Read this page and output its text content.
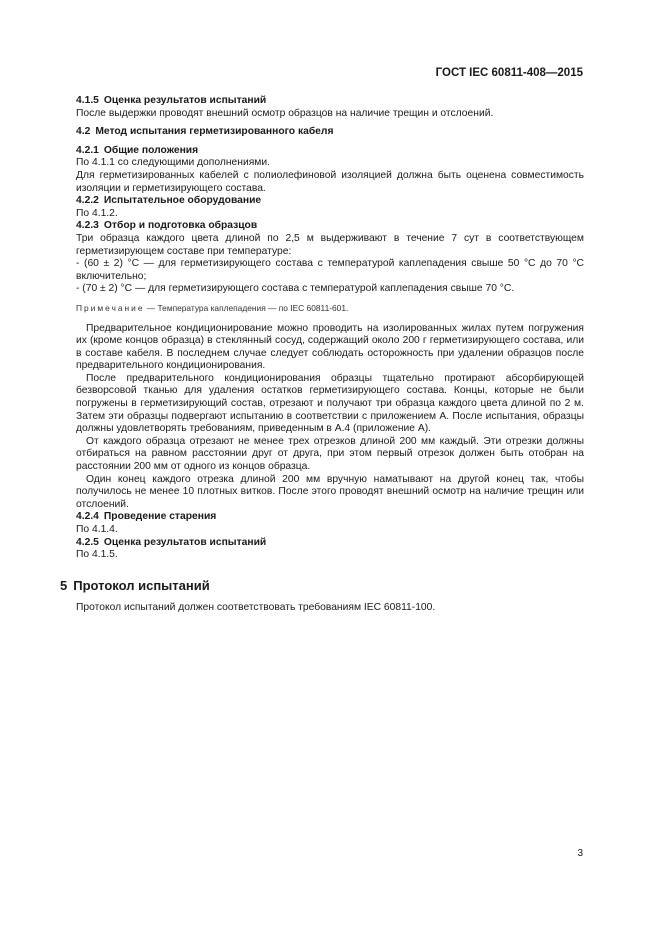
ГОСТ IEC 60811-408—2015

4.1.5 Оценка результатов испытаний

После выдержки проводят внешний осмотр образцов на наличие трещин и отслоений.

4.2 Метод испытания герметизированного кабеля

4.2.1 Общие положения

По 4.1.1 со следующими дополнениями.

Для герметизированных кабелей с полиолефиновой изоляцией должна быть оценена совместимость изоляции и герметизирующего состава.

4.2.2 Испытательное оборудование

По 4.1.2.

4.2.3 Отбор и подготовка образцов

Три образца каждого цвета длиной по 2,5 м выдерживают в течение 7 сут в соответствующем герметизирующем составе при температуре:

- (60 ± 2) °С — для герметизирующего состава с температурой каплепадения свыше 50 °С до 70 °С включительно;

- (70 ± 2) °С — для герметизирующего состава с температурой каплепадения свыше 70 °С.

Примечание — Температура каплепадения — по IEC 60811-601.

Предварительное кондиционирование можно проводить на изолированных жилах путем погружения их (кроме концов образца) в стеклянный сосуд, содержащий около 200 г герметизирующего состава, или в составе кабеля. В последнем случае следует соблюдать осторожность при удалении образцов после предварительного кондиционирования.

После предварительного кондиционирования образцы тщательно протирают абсорбирующей безворсовой тканью для удаления остатков герметизирующего состава. Концы, которые не были погружены в герметизирующий состав, отрезают и получают три образца каждого цвета длиной по 2 м. Затем эти образцы подвергают испытанию в соответствии с приложением А. После испытания, образцы должны удовлетворять требованиям, приведенным в А.4 (приложение А).

От каждого образца отрезают не менее трех отрезков длиной 200 мм каждый. Эти отрезки должны отбираться на равном расстоянии друг от друга, при этом первый отрезок должен быть отобран на расстоянии 200 мм от одного из концов образца.

Один конец каждого отрезка длиной 200 мм вручную наматывают на другой конец так, чтобы получилось не менее 10 плотных витков. После этого проводят внешний осмотр на наличие трещин или отслоений.

4.2.4 Проведение старения

По 4.1.4.

4.2.5 Оценка результатов испытаний

По 4.1.5.

5 Протокол испытаний

Протокол испытаний должен соответствовать требованиям IEC 60811-100.

3
